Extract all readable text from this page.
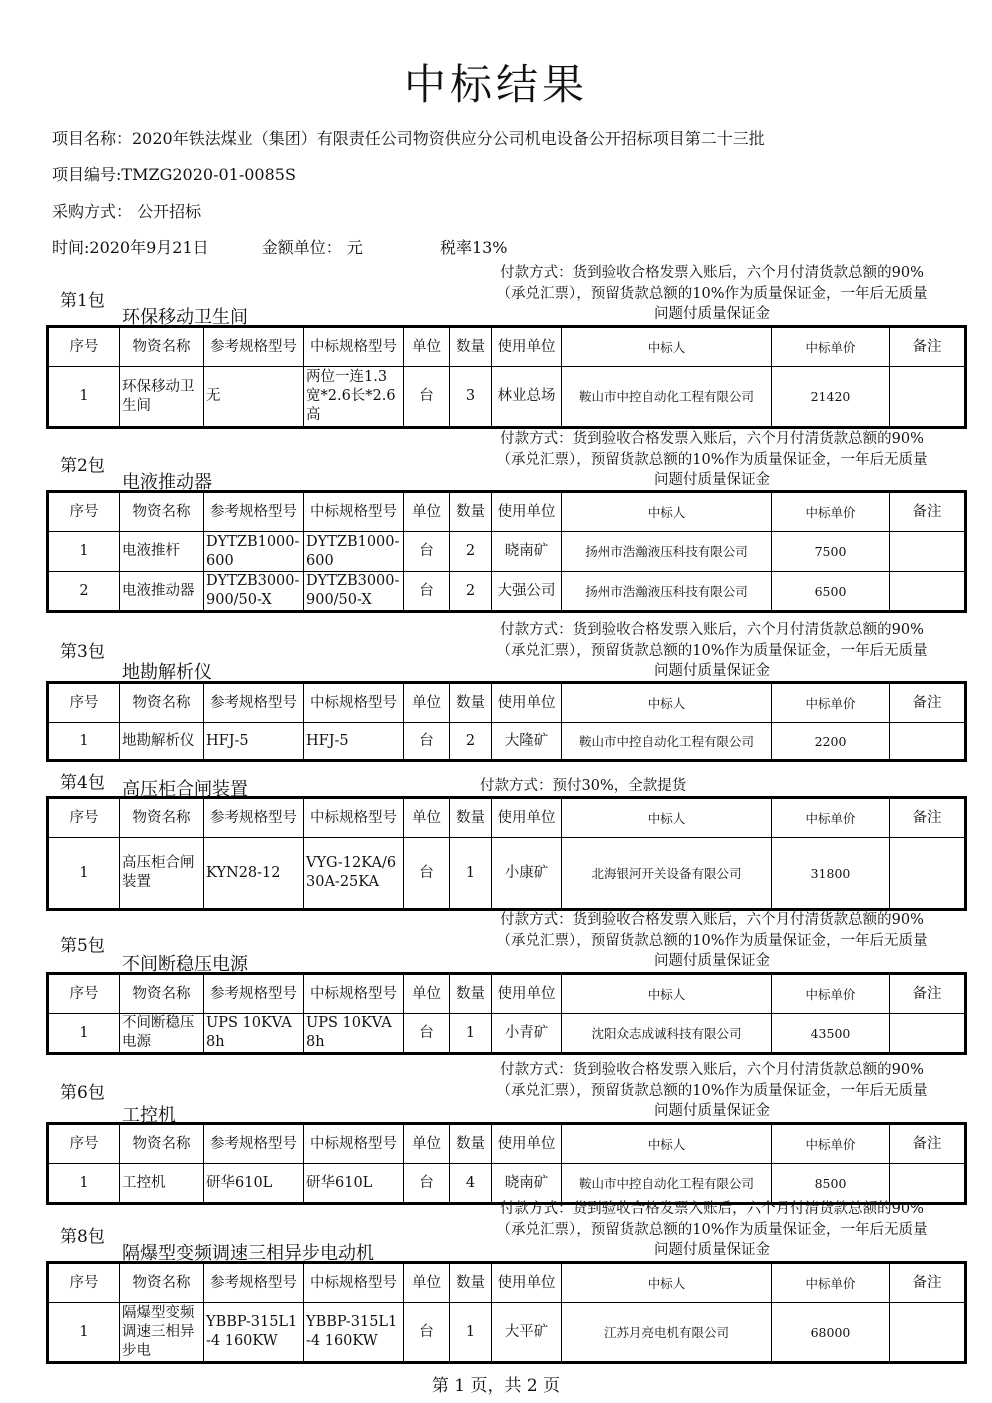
中标结果
项目名称：2020年铁法煤业（集团）有限责任公司物资供应分公司机电设备公开招标项目第二十三批
项目编号:TMZG2020-01-0085S
采购方式： 公开招标
时间:2020年9月21日	金额单位： 元	税率13%
付款方式：货到验收合格发票入账后，六个月付清货款总额的90%
（承兑汇票），预留货款总额的10%作为质量保证金，一年后无质量
问题付质量保证金
第1包
环保移动卫生间
序号	物资名称	参考规格型号	中标规格型号	单位	数量	使用单位	中标人	中标单价	备注
1	环保移动卫生间	无	两位一连1.3宽*2.6长*2.6高	台	3	林业总场	鞍山市中控自动化工程有限公司	21420	
付款方式：货到验收合格发票入账后，六个月付清货款总额的90%
（承兑汇票），预留货款总额的10%作为质量保证金，一年后无质量
问题付质量保证金
第2包
电液推动器
序号	物资名称	参考规格型号	中标规格型号	单位	数量	使用单位	中标人	中标单价	备注
1	电液推杆	DYTZB1000-600	DYTZB1000-600	台	2	晓南矿	扬州市浩瀚液压科技有限公司	7500	
2	电液推动器	DYTZB3000-900/50-X	DYTZB3000-900/50-X	台	2	大强公司	扬州市浩瀚液压科技有限公司	6500	
付款方式：货到验收合格发票入账后，六个月付清货款总额的90%
（承兑汇票），预留货款总额的10%作为质量保证金，一年后无质量
问题付质量保证金
第3包
地勘解析仪
序号	物资名称	参考规格型号	中标规格型号	单位	数量	使用单位	中标人	中标单价	备注
1	地勘解析仪	HFJ-5	HFJ-5	台	2	大隆矿	鞍山市中控自动化工程有限公司	2200	
付款方式：预付30%，全款提货
第4包 高压柜合闸装置
序号	物资名称	参考规格型号	中标规格型号	单位	数量	使用单位	中标人	中标单价	备注
1	高压柜合闸装置	KYN28-12	VYG-12KA/630A-25KA	台	1	小康矿	北海银河开关设备有限公司	31800	
付款方式：货到验收合格发票入账后，六个月付清货款总额的90%
（承兑汇票），预留货款总额的10%作为质量保证金，一年后无质量
问题付质量保证金
第5包
不间断稳压电源
序号	物资名称	参考规格型号	中标规格型号	单位	数量	使用单位	中标人	中标单价	备注
1	不间断稳压电源	UPS 10KVA 8h	UPS 10KVA 8h	台	1	小青矿	沈阳众志成诚科技有限公司	43500	
付款方式：货到验收合格发票入账后，六个月付清货款总额的90%
（承兑汇票），预留货款总额的10%作为质量保证金，一年后无质量
问题付质量保证金
第6包
工控机
序号	物资名称	参考规格型号	中标规格型号	单位	数量	使用单位	中标人	中标单价	备注
1	工控机	研华610L	研华610L	台	4	晓南矿	鞍山市中控自动化工程有限公司	8500	
付款方式：货到验收合格发票入账后，六个月付清货款总额的90%
（承兑汇票），预留货款总额的10%作为质量保证金，一年后无质量
问题付质量保证金
第8包
隔爆型变频调速三相异步电动机
序号	物资名称	参考规格型号	中标规格型号	单位	数量	使用单位	中标人	中标单价	备注
1	隔爆型变频调速三相异步电	YBBP-315L1-4 160KW	YBBP-315L1-4 160KW	台	1	大平矿	江苏月亮电机有限公司	68000	
第 1 页，共 2 页
